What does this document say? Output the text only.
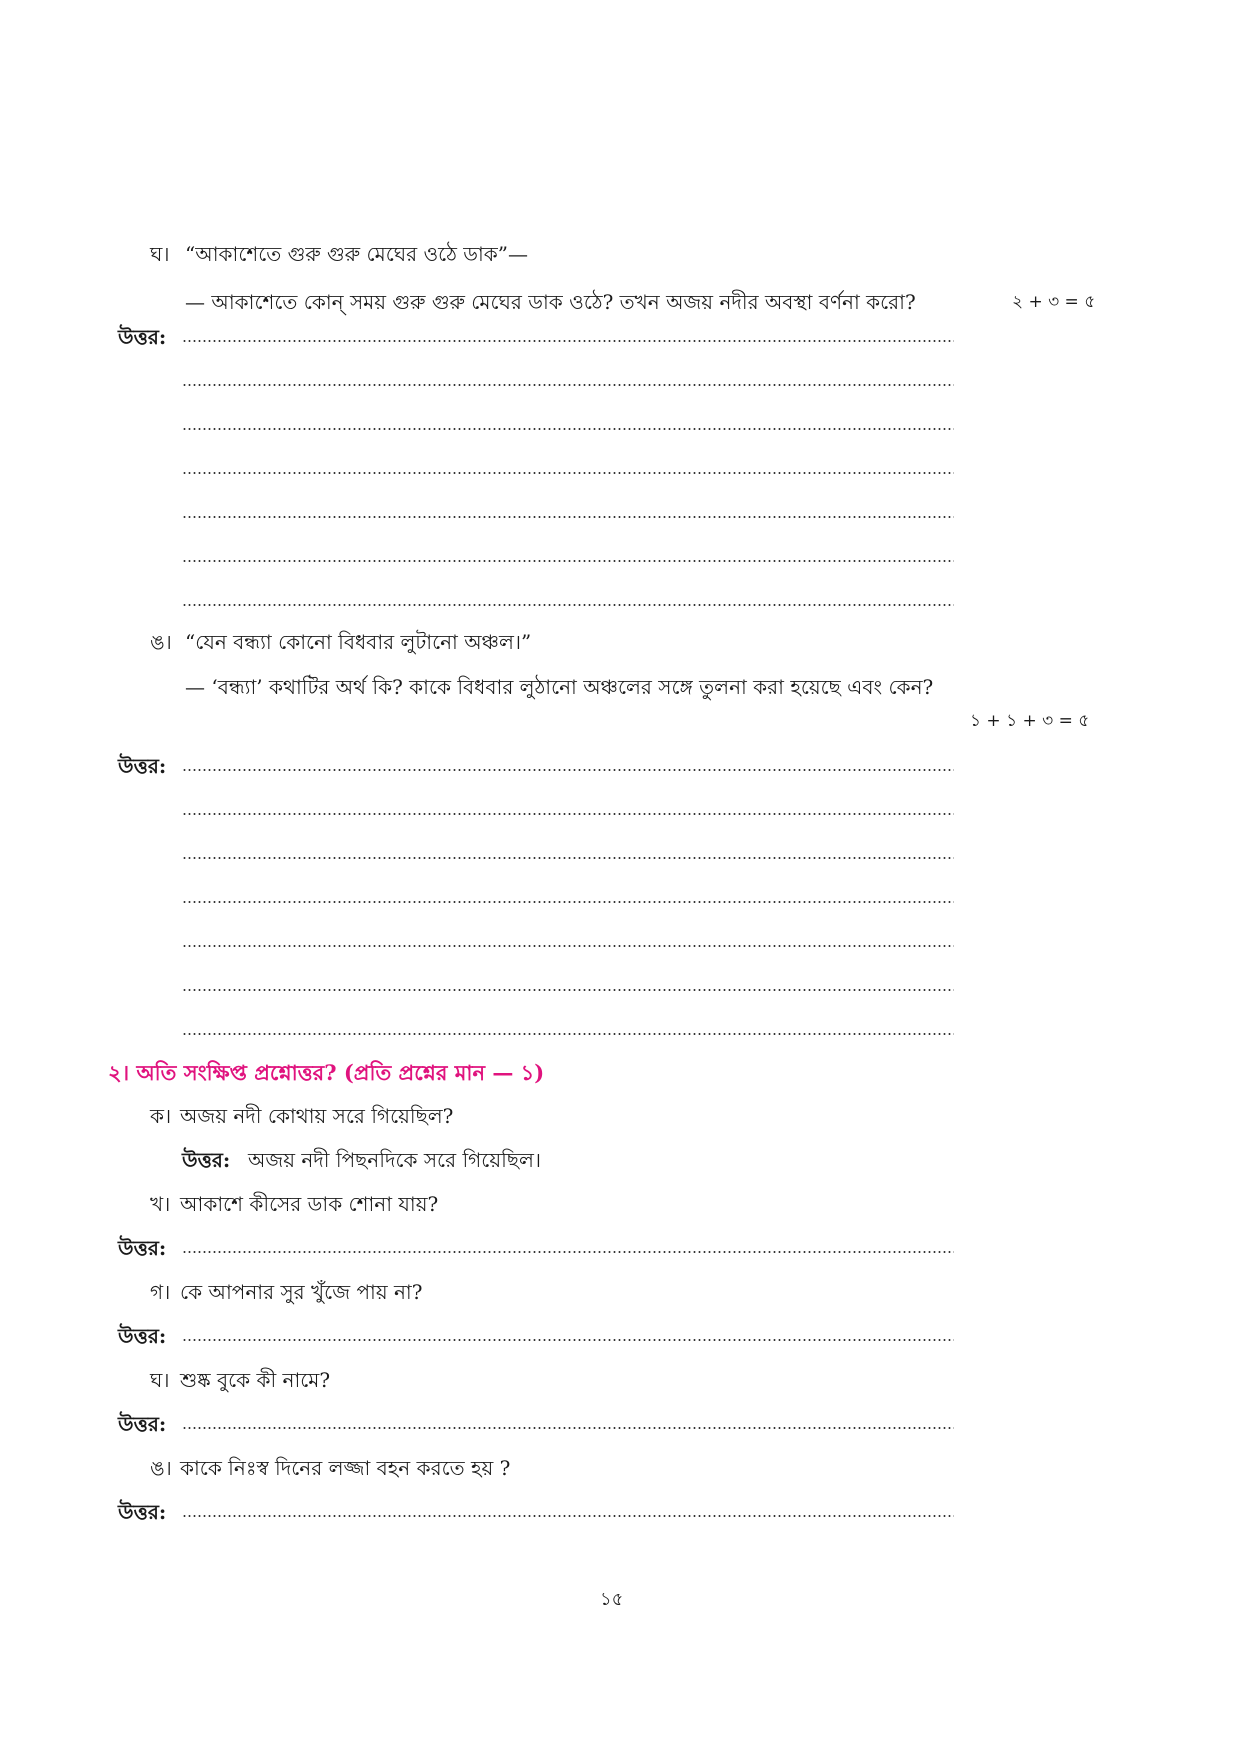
ঘ। “আকাশেতে গুরু গুরু মেঘের ওঠে ডাক”—
— আকাশেতে কোন্ সময় গুরু গুরু মেঘের ডাক ওঠে? তখন অজয় নদীর অবস্থা বর্ণনা করো?	২ + ৩ = ৫
উত্তর:
ঙ। “যেন বন্ধ্যা কোনো বিধবার লুটানো অঞ্চল।”
— ‘বন্ধ্যা’ কথাটির অর্থ কি? কাকে বিধবার লুঠানো অঞ্চলের সঙ্গে তুলনা করা হয়েছে এবং কেন?
১ + ১ + ৩ = ৫
উত্তর:
২। অতি সংক্ষিপ্ত প্রশ্নোত্তর? (প্রতি প্রশ্নের মান — ১)
ক। অজয় নদী কোথায় সরে গিয়েছিল?
উত্তর: অজয় নদী পিছনদিকে সরে গিয়েছিল।
খ। আকাশে কীসের ডাক শোনা যায়?
উত্তর:
গ। কে আপনার সুর খুঁজে পায় না?
উত্তর:
ঘ। শুষ্ক বুকে কী নামে?
উত্তর:
ঙ। কাকে নিঃস্ব দিনের লজ্জা বহন করতে হয় ?
উত্তর:
১৫
